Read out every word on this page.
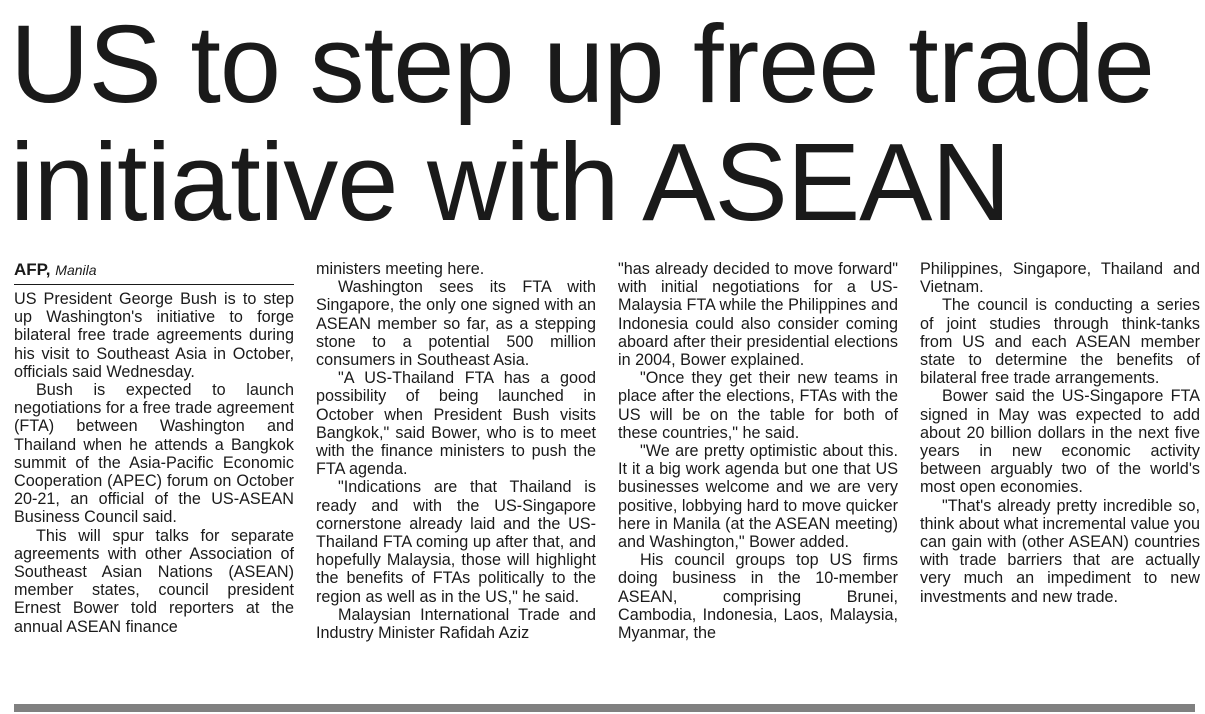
US to step up free trade
initiative with ASEAN
AFP, Manila

US President George Bush is to step up Washington's initiative to forge bilateral free trade agreements during his visit to Southeast Asia in October, officials said Wednesday.

Bush is expected to launch negotiations for a free trade agreement (FTA) between Washington and Thailand when he attends a Bangkok summit of the Asia-Pacific Economic Cooperation (APEC) forum on October 20-21, an official of the US-ASEAN Business Council said.

This will spur talks for separate agreements with other Association of Southeast Asian Nations (ASEAN) member states, council president Ernest Bower told reporters at the annual ASEAN finance

ministers meeting here.

Washington sees its FTA with Singapore, the only one signed with an ASEAN member so far, as a stepping stone to a potential 500 million consumers in Southeast Asia.

"A US-Thailand FTA has a good possibility of being launched in October when President Bush visits Bangkok," said Bower, who is to meet with the finance ministers to push the FTA agenda.

"Indications are that Thailand is ready and with the US-Singapore cornerstone already laid and the US-Thailand FTA coming up after that, and hopefully Malaysia, those will highlight the benefits of FTAs politically to the region as well as in the US," he said.

Malaysian International Trade and Industry Minister Rafidah Aziz

"has already decided to move forward" with initial negotiations for a US-Malaysia FTA while the Philippines and Indonesia could also consider coming aboard after their presidential elections in 2004, Bower explained.

"Once they get their new teams in place after the elections, FTAs with the US will be on the table for both of these countries," he said.

"We are pretty optimistic about this. It it a big work agenda but one that US businesses welcome and we are very positive, lobbying hard to move quicker here in Manila (at the ASEAN meeting) and Washington," Bower added.

His council groups top US firms doing business in the 10-member ASEAN, comprising Brunei, Cambodia, Indonesia, Laos, Malaysia, Myanmar, the

Philippines, Singapore, Thailand and Vietnam.

The council is conducting a series of joint studies through think-tanks from US and each ASEAN member state to determine the benefits of bilateral free trade arrangements.

Bower said the US-Singapore FTA signed in May was expected to add about 20 billion dollars in the next five years in new economic activity between arguably two of the world's most open economies.

"That's already pretty incredible so, think about what incremental value you can gain with (other ASEAN) countries with trade barriers that are actually very much an impediment to new investments and new trade.
